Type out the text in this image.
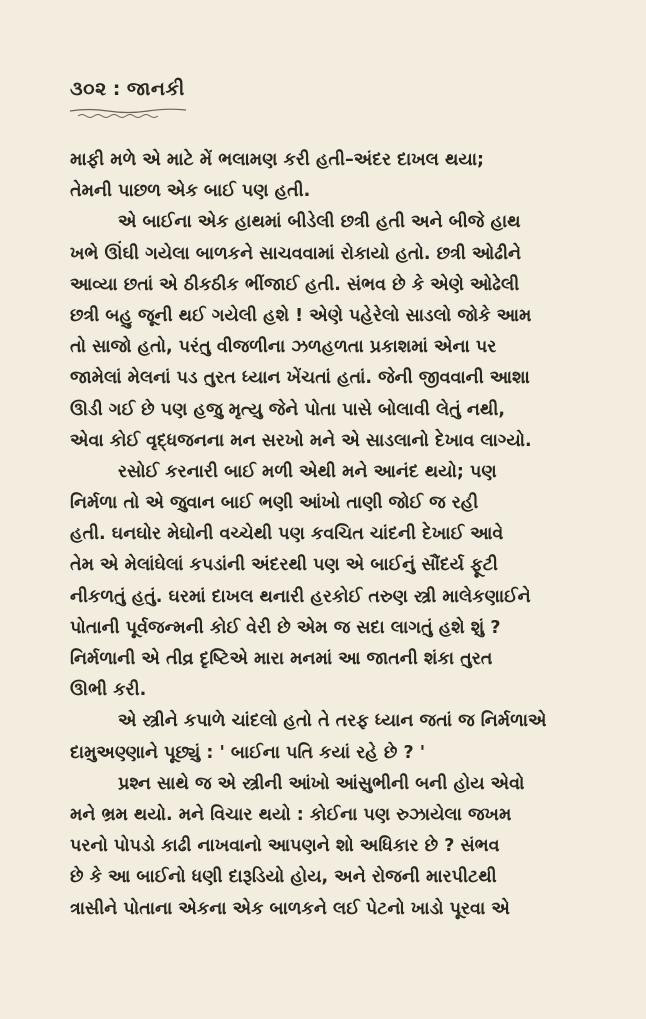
૩૦૨ : જાનકી
માફી મળે એ માટે મેં ભલામણ કરી હતી–અંદર દાખલ થયા;
તેમની પાછળ એક બાઈ પણ હતી.
એ બાઈના એક હાથમાં બીડેલી છત્રી હતી અને બીજે હાથ
ખભે ઊંઘી ગયેલા બાળકને સાચવવામાં રોકાયો હતો. છત્રી ઓઢીને
આવ્યા છતાં એ ઠીકઠીક ભીંજાઈ હતી. સંભવ છે કે એણે ઓઢેલી
છત્રી બહુ જૂની થઈ ગયેલી હશે ! એણે પહેરેલો સાડલો જોકે આમ
તો સાજો હતો, પરંતુ વીજળીના ઝળહળતા પ્રકાશમાં એના પર
જામેલાં મેલનાં પડ તુરત ધ્યાન ખેંચતાં હતાં. જેની જીવવાની આશા
ઊડી ગઈ છે પણ હજુ મૃત્યુ જેને પોતા પાસે બોલાવી લેતું નથી,
એવા કોઈ વૃદ્ધજનના મન સરખો મને એ સાડલાનો દેખાવ લાગ્યો.
રસોઈ કરનારી બાઈ મળી એથી મને આનંદ થયો; પણ
નિર્મળા તો એ જુવાન બાઈ ભણી આંખો તાણી જોઈ જ રહી
હતી. ઘનઘોર મેઘોની વચ્ચેથી પણ કવચિત ચાંદની દેખાઈ આવે
તેમ એ મેલાંઘેલાં કપડાંની અંદરથી પણ એ બાઈનું સૌંદર્ય ફૂટી
નીકળતું હતું. ઘરમાં દાખલ થનારી હરકોઈ તરુણ સ્ત્રી માલેકણાઈને
પોતાની પૂર્વજન્મની કોઈ વેરી છે એમ જ સદા લાગતું હશે શું ?
નિર્મળાની એ તીવ્ર દૃષ્ટિએ મારા મનમાં આ જાતની શંકા તુરત
ઊભી કરી.
એ સ્ત્રીને કપાળે ચાંદલો હતો તે તરફ ધ્યાન જતાં જ નિર્મળાએ
દામુઅણ્ણાને પૂછ્યું : ' બાઈના પતિ કયાં રહે છે ? '
પ્રશ્ન સાથે જ એ સ્ત્રીની આંખો આંસુભીની બની હોય એવો
મને ભ્રમ થયો. મને વિચાર થયો : કોઈના પણ રુઝાયેલા જખમ
પરનો પોપડો કાઢી નાખવાનો આપણને શો અધિકાર છે ? સંભવ
છે કે આ બાઈનો ધણી દારૂડિયો હોય, અને રોજની મારપીટથી
ત્રાસીને પોતાના એકના એક બાળકને લઈ પેટનો ખાડો પૂરવા એ
